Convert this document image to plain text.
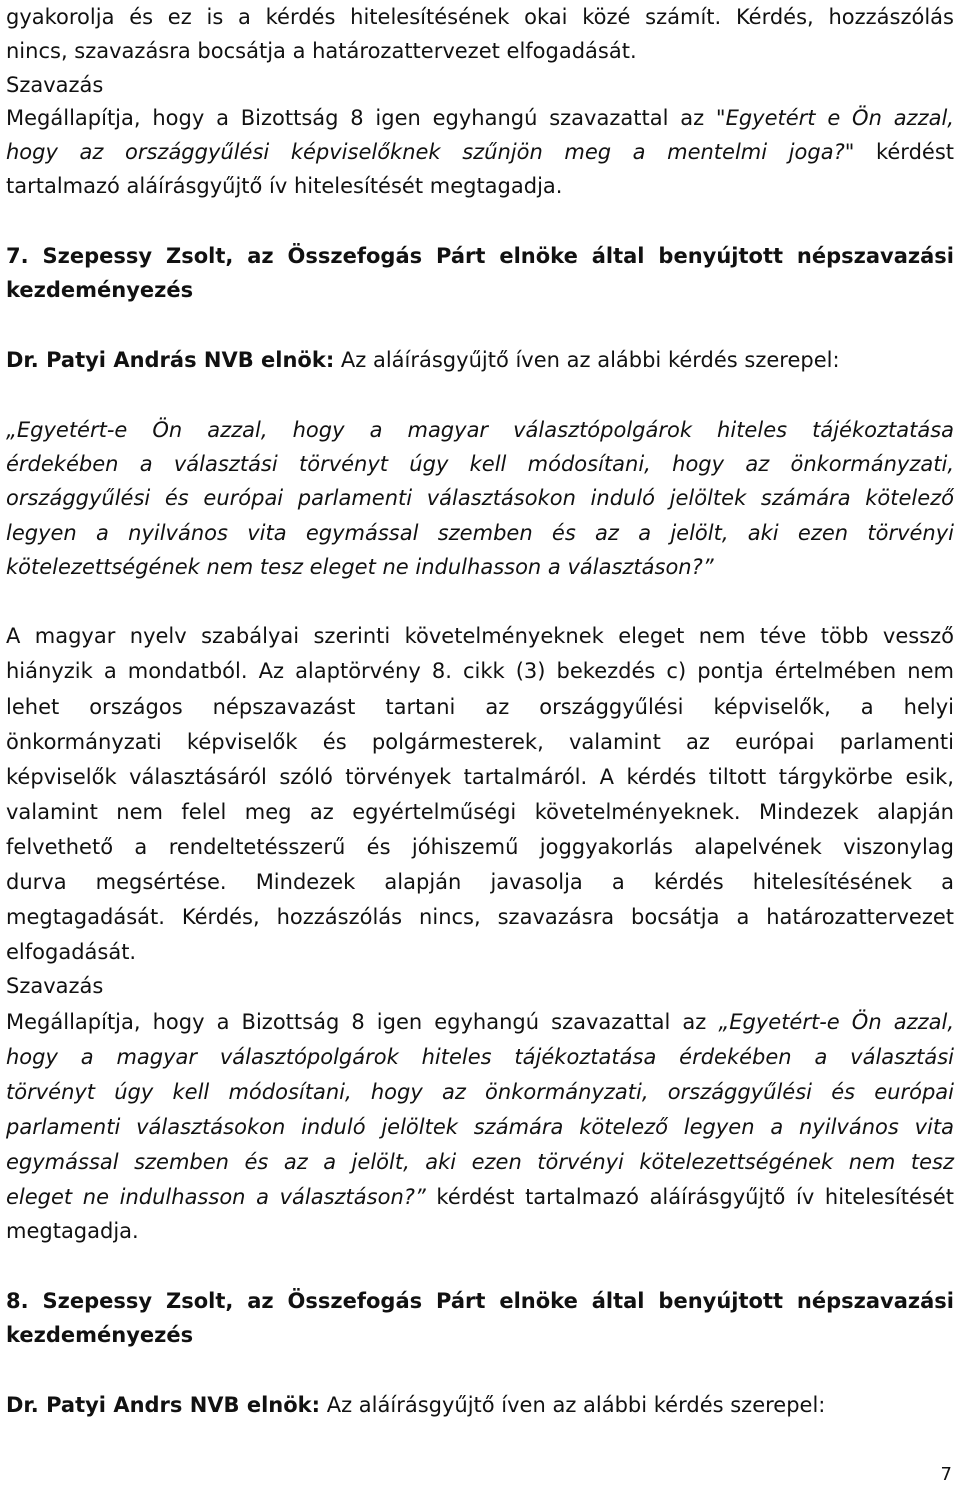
gyakorolja és ez is a kérdés hitelesítésének okai közé számít. Kérdés, hozzászólás
nincs, szavazásra bocsátja a határozattervezet elfogadását.
Szavazás
Megállapítja, hogy a Bizottság 8 igen egyhangú szavazattal az "Egyetért e Ön azzal,
hogy az országgyűlési képviselőknek szűnjön meg a mentelmi joga?" kérdést
tartalmazó aláírásgyűjtő ív hitelesítését megtagadja.
7. Szepessy Zsolt, az Összefogás Párt elnöke által benyújtott népszavazási
kezdeményezés
Dr. Patyi András NVB elnök: Az aláírásgyűjtő íven az alábbi kérdés szerepel:
„Egyetért-e Ön azzal, hogy a magyar választópolgárok hiteles tájékoztatása
érdekében a választási törvényt úgy kell módosítani, hogy az önkormányzati,
országgyűlési és európai parlamenti választásokon induló jelöltek számára kötelező
legyen a nyilvános vita egymással szemben és az a jelölt, aki ezen törvényi
kötelezettségének nem tesz eleget ne indulhasson a választáson?”
A magyar nyelv szabályai szerinti követelményeknek eleget nem téve több vessző
hiányzik a mondatból. Az alaptörvény 8. cikk (3) bekezdés c) pontja értelmében nem
lehet országos népszavazást tartani az országgyűlési képviselők, a helyi
önkormányzati képviselők és polgármesterek, valamint az európai parlamenti
képviselők választásáról szóló törvények tartalmáról. A kérdés tiltott tárgykörbe esik,
valamint nem felel meg az egyértelműségi követelményeknek. Mindezek alapján
felvethető a rendeltetésszerű és jóhiszemű joggyakorlás alapelvének viszonylag
durva megsértése. Mindezek alapján javasolja a kérdés hitelesítésének a
megtagadását. Kérdés, hozzászólás nincs, szavazásra bocsátja a határozattervezet
elfogadását.
Szavazás
Megállapítja, hogy a Bizottság 8 igen egyhangú szavazattal az „Egyetért-e Ön azzal,
hogy a magyar választópolgárok hiteles tájékoztatása érdekében a választási
törvényt úgy kell módosítani, hogy az önkormányzati, országgyűlési és európai
parlamenti választásokon induló jelöltek számára kötelező legyen a nyilvános vita
egymással szemben és az a jelölt, aki ezen törvényi kötelezettségének nem tesz
eleget ne indulhasson a választáson?” kérdést tartalmazó aláírásgyűjtő ív hitelesítését
megtagadja.
8. Szepessy Zsolt, az Összefogás Párt elnöke által benyújtott népszavazási
kezdeményezés
Dr. Patyi Andrs NVB elnök: Az aláírásgyűjtő íven az alábbi kérdés szerepel:
7
